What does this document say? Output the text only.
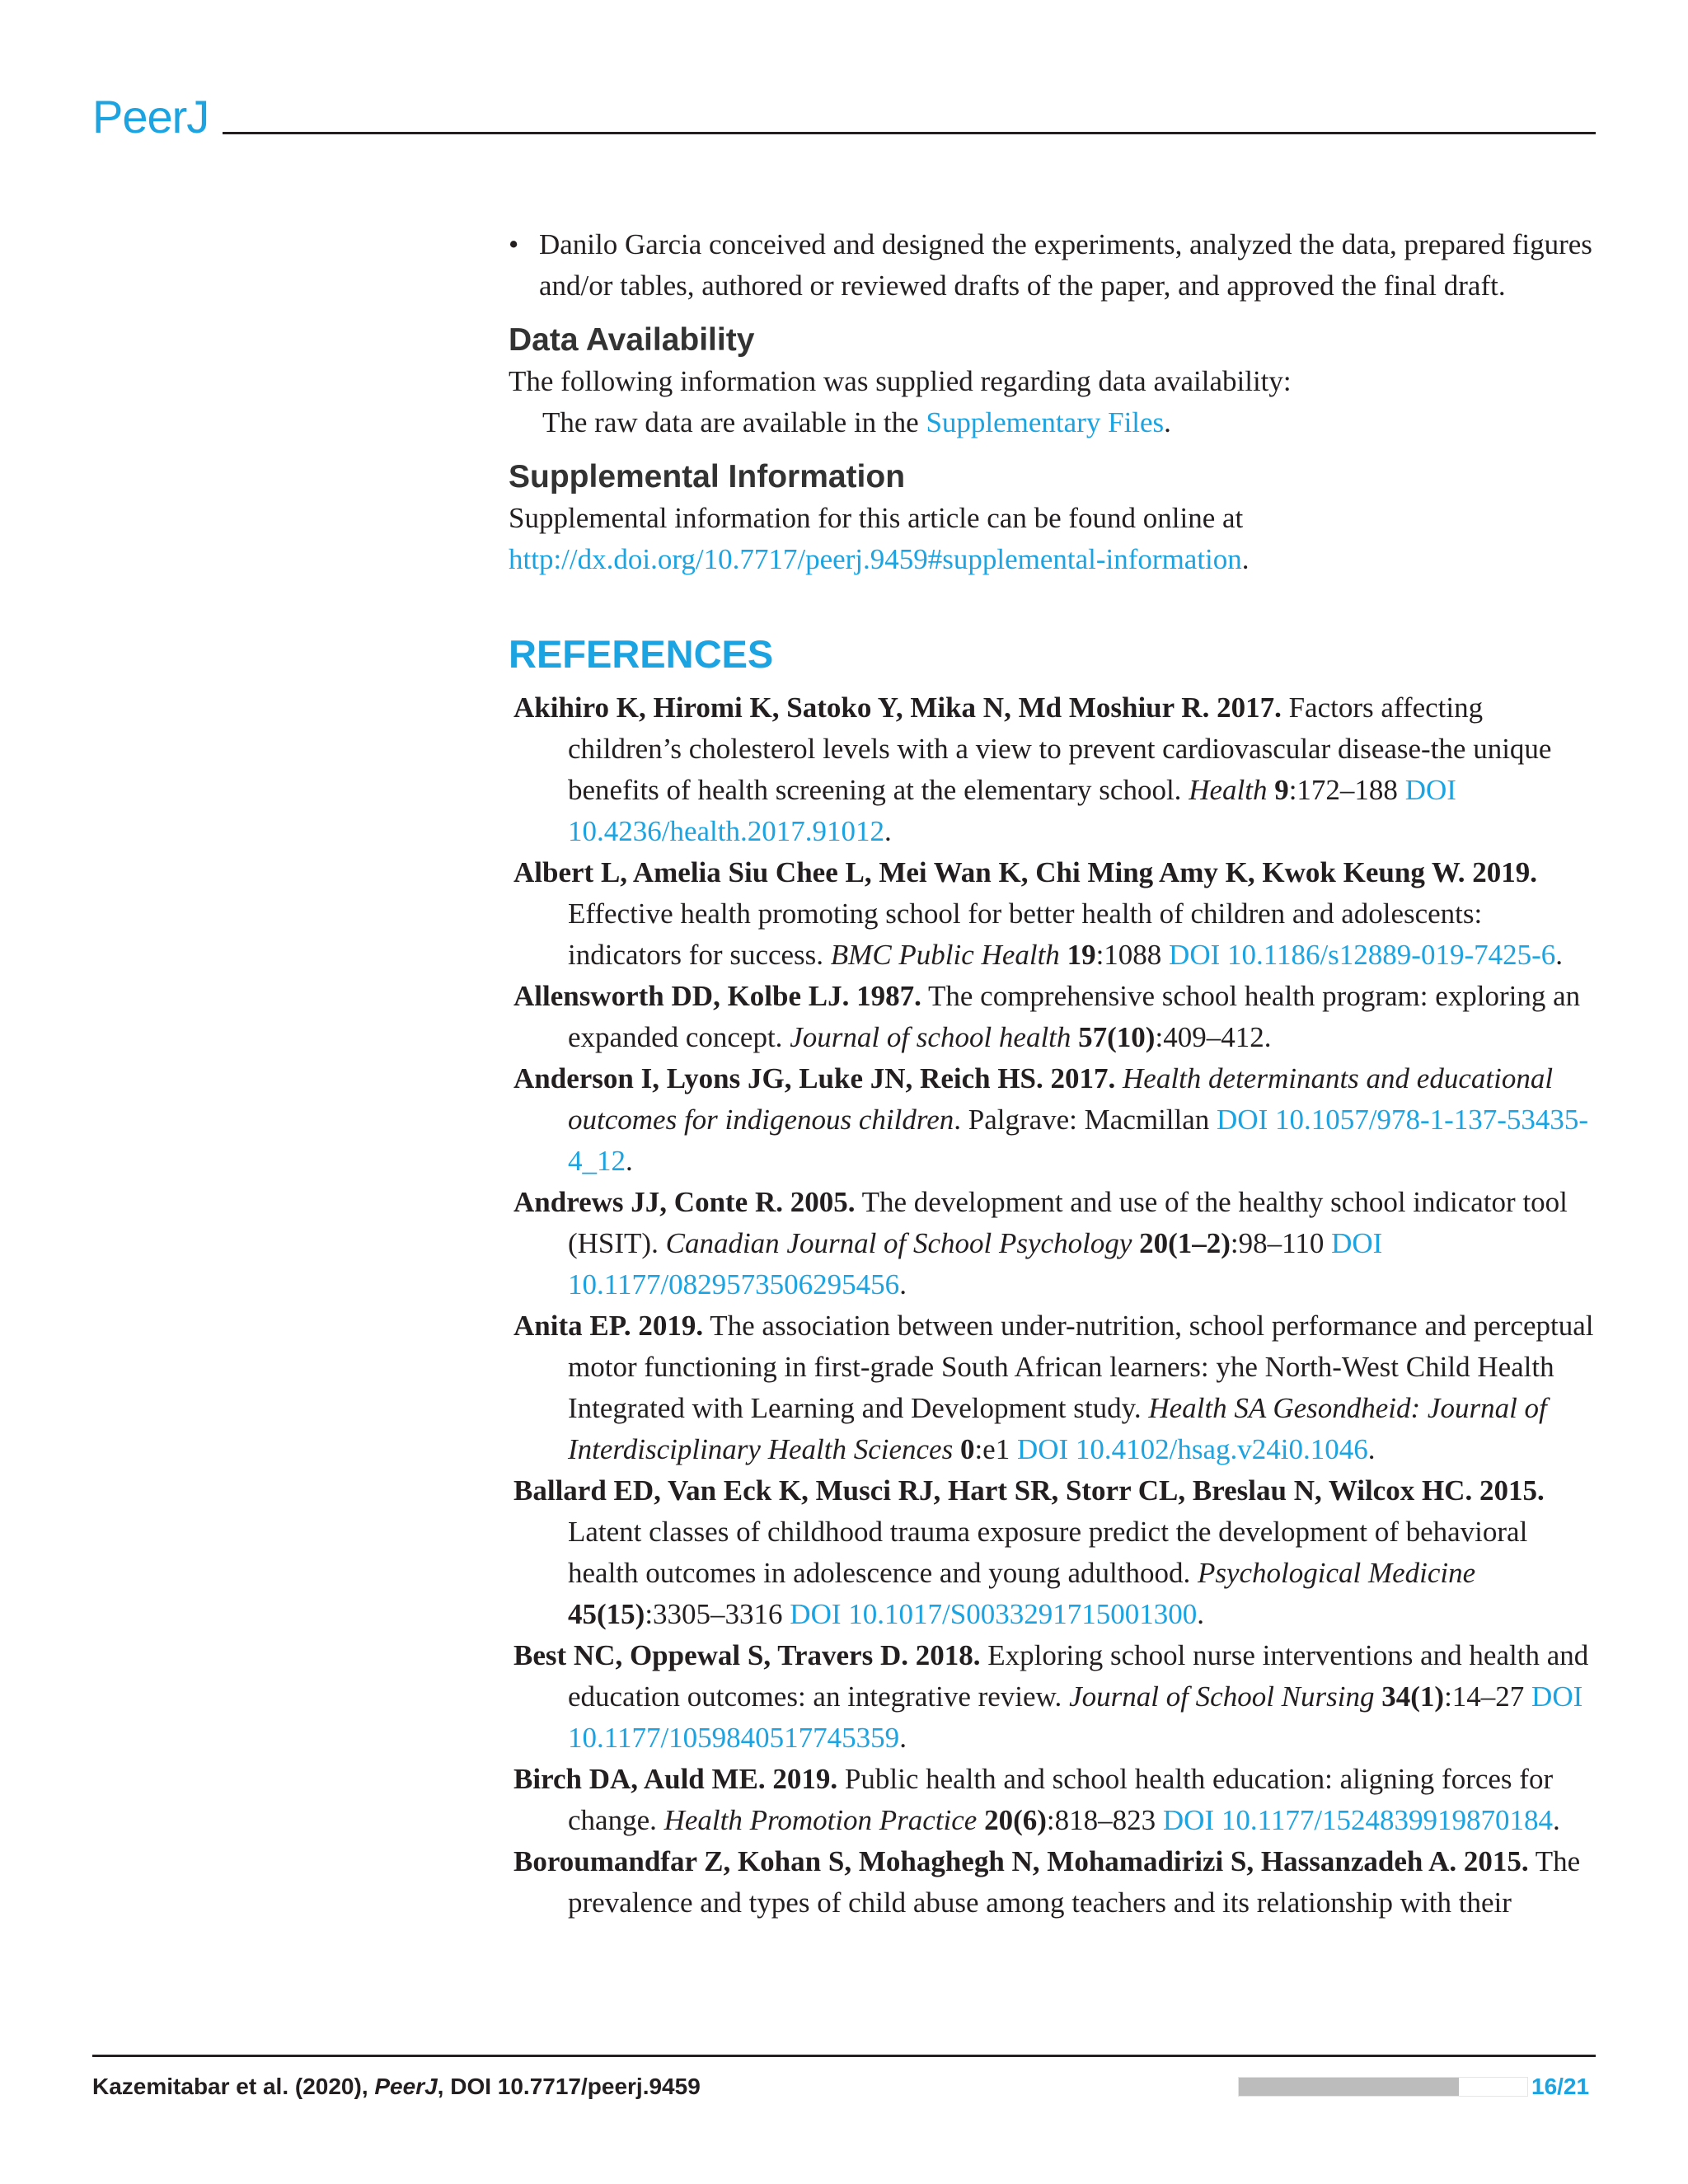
PeerJ

• Danilo Garcia conceived and designed the experiments, analyzed the data, prepared figures and/or tables, authored or reviewed drafts of the paper, and approved the final draft.

Data Availability

The following information was supplied regarding data availability:

The raw data are available in the Supplementary Files.

Supplemental Information

Supplemental information for this article can be found online at http://dx.doi.org/10.7717/peerj.9459#supplemental-information.

REFERENCES

Akihiro K, Hiromi K, Satoko Y, Mika N, Md Moshiur R. 2017. Factors affecting children’s cholesterol levels with a view to prevent cardiovascular disease-the unique benefits of health screening at the elementary school. Health 9:172–188 DOI 10.4236/health.2017.91012.

Albert L, Amelia Siu Chee L, Mei Wan K, Chi Ming Amy K, Kwok Keung W. 2019. Effective health promoting school for better health of children and adolescents: indicators for success. BMC Public Health 19:1088 DOI 10.1186/s12889-019-7425-6.

Allensworth DD, Kolbe LJ. 1987. The comprehensive school health program: exploring an expanded concept. Journal of school health 57(10):409–412.

Anderson I, Lyons JG, Luke JN, Reich HS. 2017. Health determinants and educational outcomes for indigenous children. Palgrave: Macmillan DOI 10.1057/978-1-137-53435-4_12.

Andrews JJ, Conte R. 2005. The development and use of the healthy school indicator tool (HSIT). Canadian Journal of School Psychology 20(1–2):98–110 DOI 10.1177/0829573506295456.

Anita EP. 2019. The association between under-nutrition, school performance and perceptual motor functioning in first-grade South African learners: yhe North-West Child Health Integrated with Learning and Development study. Health SA Gesondheid: Journal of Interdisciplinary Health Sciences 0:e1 DOI 10.4102/hsag.v24i0.1046.

Ballard ED, Van Eck K, Musci RJ, Hart SR, Storr CL, Breslau N, Wilcox HC. 2015. Latent classes of childhood trauma exposure predict the development of behavioral health outcomes in adolescence and young adulthood. Psychological Medicine 45(15):3305–3316 DOI 10.1017/S0033291715001300.

Best NC, Oppewal S, Travers D. 2018. Exploring school nurse interventions and health and education outcomes: an integrative review. Journal of School Nursing 34(1):14–27 DOI 10.1177/1059840517745359.

Birch DA, Auld ME. 2019. Public health and school health education: aligning forces for change. Health Promotion Practice 20(6):818–823 DOI 10.1177/1524839919870184.

Boroumandfar Z, Kohan S, Mohaghegh N, Mohamadirizi S, Hassanzadeh A. 2015. The prevalence and types of child abuse among teachers and its relationship with their

Kazemitabar et al. (2020), PeerJ, DOI 10.7717/peerj.9459	16/21
